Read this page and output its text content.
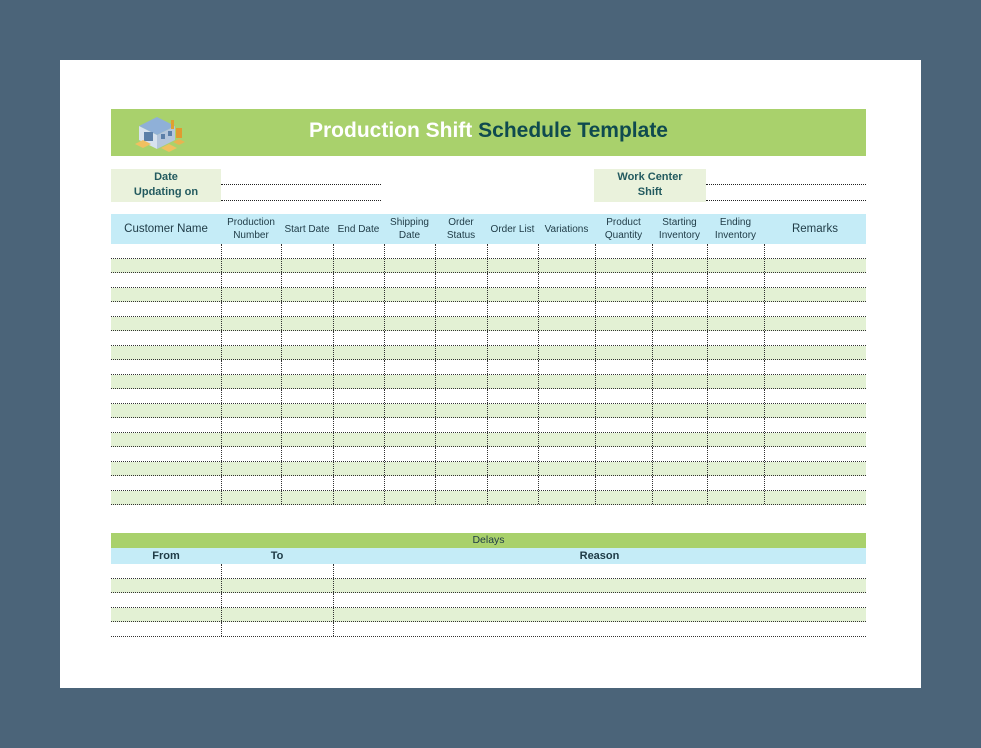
Production Shift Schedule Template
Date
Updating on
Work Center
Shift
Customer Name Production
Number
Start Date End Date
Shipping
Date
Order
Status
Order List Variations
Product
Quantity
Starting
Inventory
Ending
Inventory
Remarks
Delays
From	To	Reason
